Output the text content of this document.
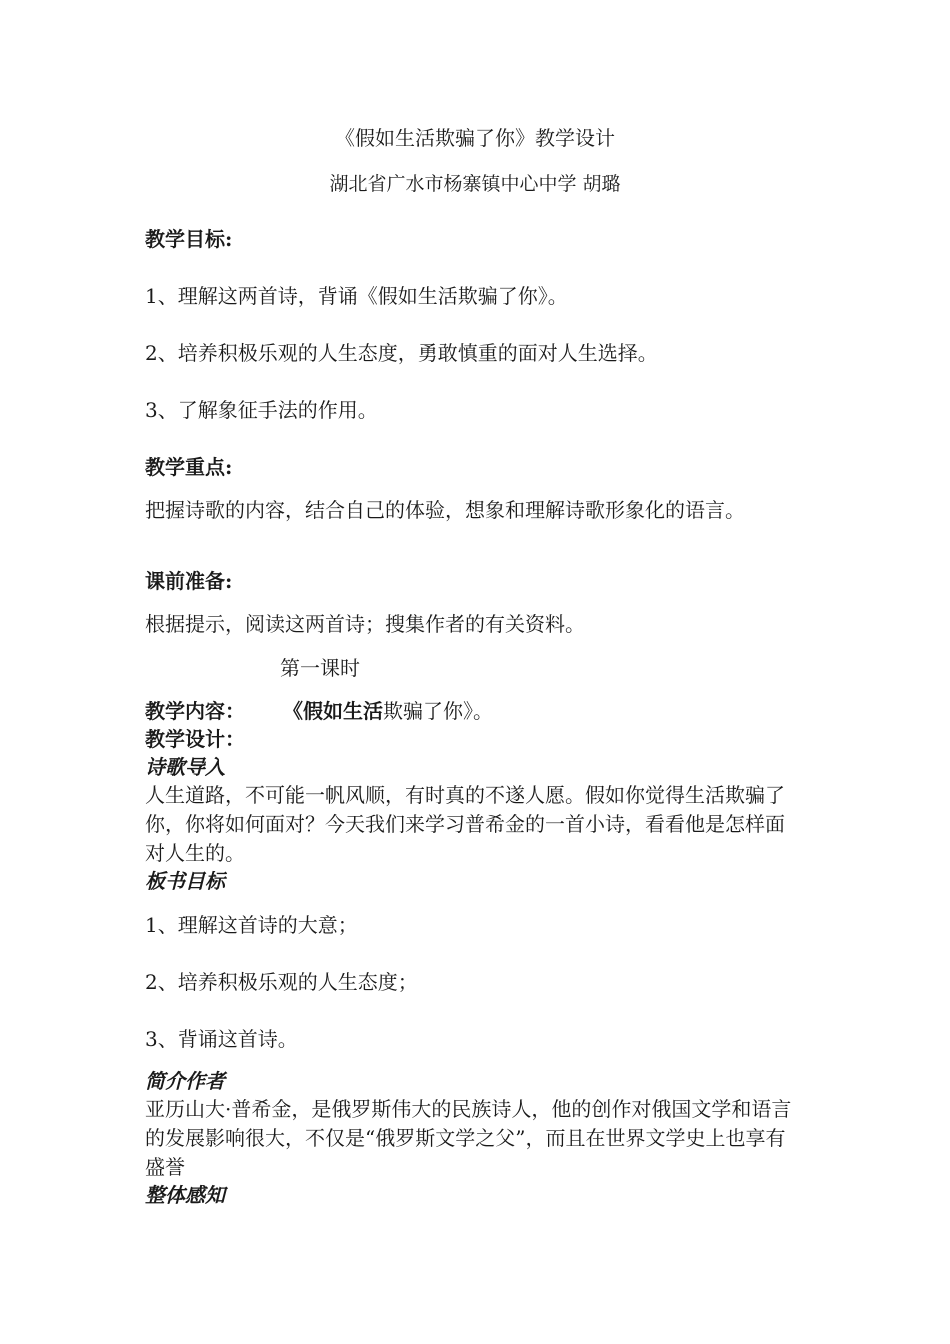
《假如生活欺骗了你》教学设计
湖北省广水市杨寨镇中心中学 胡璐
教学目标:
1、理解这两首诗，背诵《假如生活欺骗了你》。
2、培养积极乐观的人生态度，勇敢慎重的面对人生选择。
3、了解象征手法的作用。
教学重点:
把握诗歌的内容，结合自己的体验，想象和理解诗歌形象化的语言。
课前准备:
根据提示，阅读这两首诗；搜集作者的有关资料。
第一课时
教学内容： 《假如生活欺骗了你》。
教学设计：
诗歌导入
人生道路，不可能一帆风顺，有时真的不遂人愿。假如你觉得生活欺骗了你，你将如何面对？今天我们来学习普希金的一首小诗，看看他是怎样面对人生的。
板书目标
1、理解这首诗的大意；
2、培养积极乐观的人生态度；
3、背诵这首诗。
简介作者
亚历山大·普希金，是俄罗斯伟大的民族诗人，他的创作对俄国文学和语言的发展影响很大，不仅是“俄罗斯文学之父”，而且在世界文学史上也享有盛誉
整体感知
